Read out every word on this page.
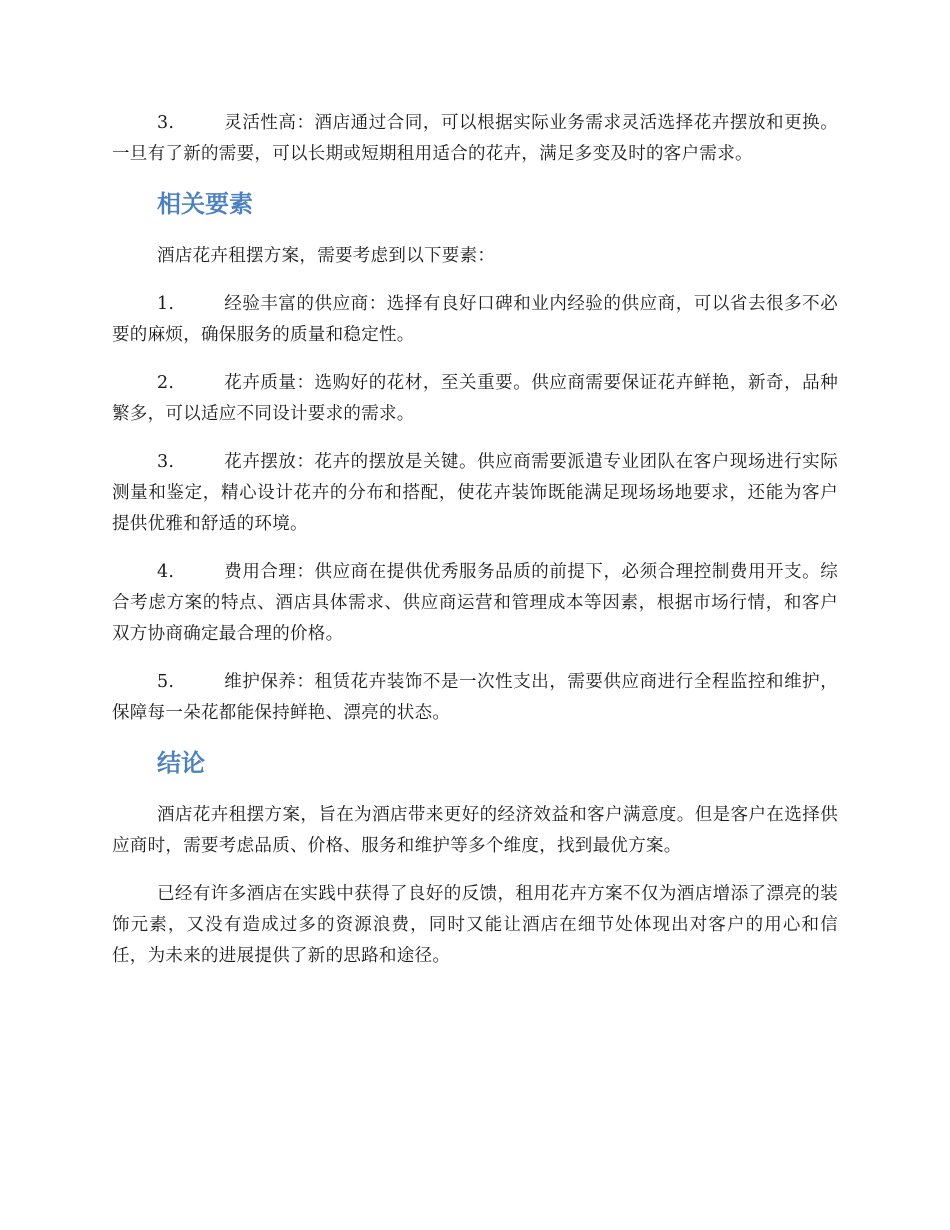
3.	灵活性高：酒店通过合同，可以根据实际业务需求灵活选择花卉摆放和更换。一旦有了新的需要，可以长期或短期租用适合的花卉，满足多变及时的客户需求。

相关要素

酒店花卉租摆方案，需要考虑到以下要素：

1.	经验丰富的供应商：选择有良好口碑和业内经验的供应商，可以省去很多不必要的麻烦，确保服务的质量和稳定性。

2.	花卉质量：选购好的花材，至关重要。供应商需要保证花卉鲜艳，新奇，品种繁多，可以适应不同设计要求的需求。

3.	花卉摆放：花卉的摆放是关键。供应商需要派遣专业团队在客户现场进行实际测量和鉴定，精心设计花卉的分布和搭配，使花卉装饰既能满足现场场地要求，还能为客户提供优雅和舒适的环境。

4.	费用合理：供应商在提供优秀服务品质的前提下，必须合理控制费用开支。综合考虑方案的特点、酒店具体需求、供应商运营和管理成本等因素，根据市场行情，和客户双方协商确定最合理的价格。

5.	维护保养：租赁花卉装饰不是一次性支出，需要供应商进行全程监控和维护，保障每一朵花都能保持鲜艳、漂亮的状态。

结论

酒店花卉租摆方案，旨在为酒店带来更好的经济效益和客户满意度。但是客户在选择供应商时，需要考虑品质、价格、服务和维护等多个维度，找到最优方案。

已经有许多酒店在实践中获得了良好的反馈，租用花卉方案不仅为酒店增添了漂亮的装饰元素，又没有造成过多的资源浪费，同时又能让酒店在细节处体现出对客户的用心和信任，为未来的进展提供了新的思路和途径。
